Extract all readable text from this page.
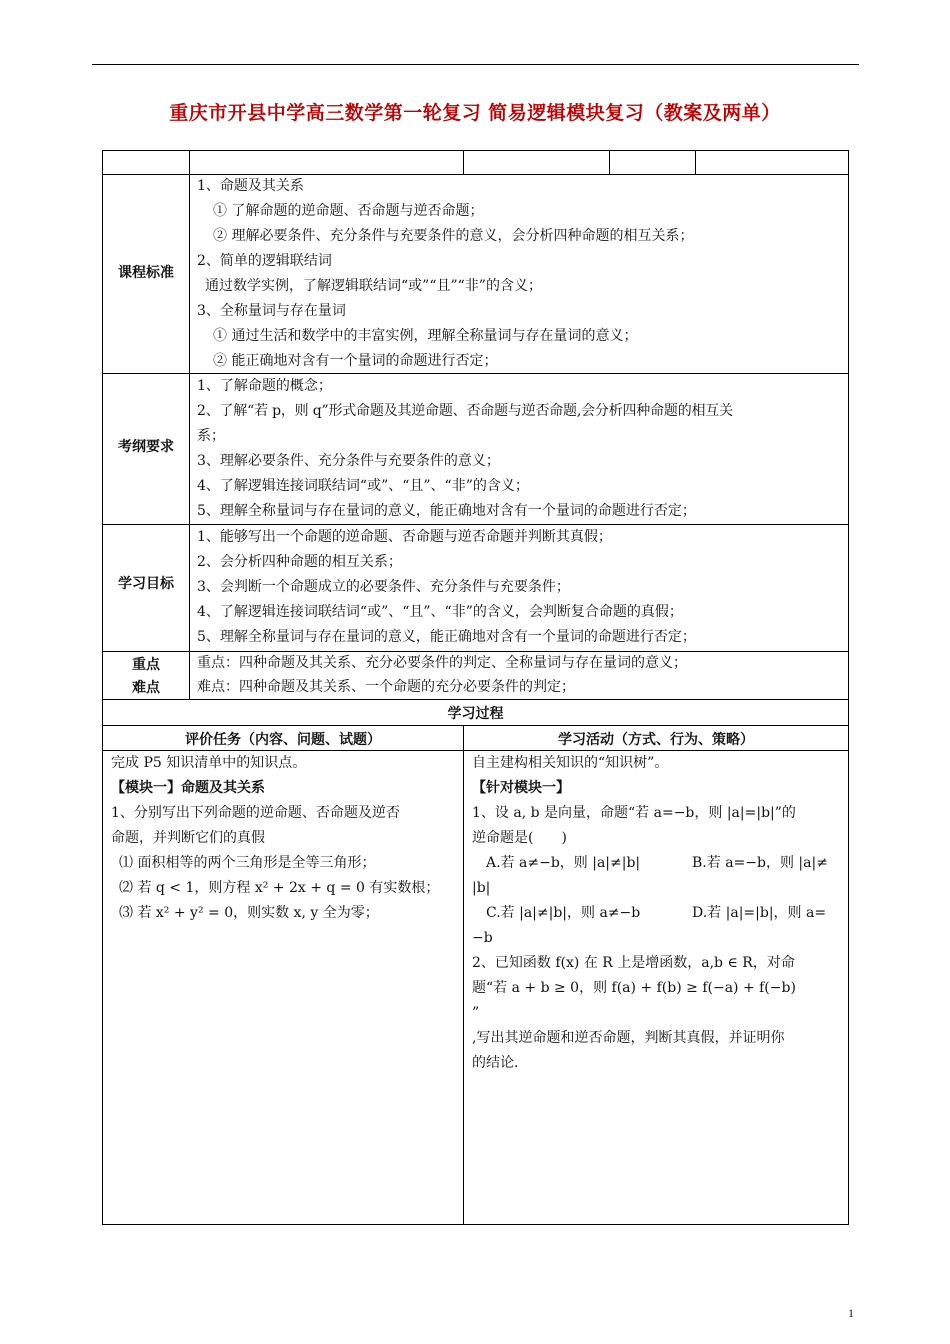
重庆市开县中学高三数学第一轮复习 简易逻辑模块复习（教案及两单）
课程标准
1、命题及其关系
① 了解命题的逆命题、否命题与逆否命题；
② 理解必要条件、充分条件与充要条件的意义，会分析四种命题的相互关系；
2、简单的逻辑联结词
通过数学实例，了解逻辑联结词“或”“且”“非”的含义；
3、全称量词与存在量词
① 通过生活和数学中的丰富实例，理解全称量词与存在量词的意义；
② 能正确地对含有一个量词的命题进行否定；
考纲要求
1、了解命题的概念；
2、了解“若 p，则 q”形式命题及其逆命题、否命题与逆否命题,会分析四种命题的相互关
系；
3、理解必要条件、充分条件与充要条件的意义；
4、了解逻辑连接词联结词“或”、“且”、“非”的含义；
5、理解全称量词与存在量词的意义，能正确地对含有一个量词的命题进行否定；
学习目标
1、能够写出一个命题的逆命题、否命题与逆否命题并判断其真假；
2、会分析四种命题的相互关系；
3、会判断一个命题成立的必要条件、充分条件与充要条件；
4、了解逻辑连接词联结词“或”、“且”、“非”的含义，会判断复合命题的真假；
5、理解全称量词与存在量词的意义，能正确地对含有一个量词的命题进行否定；
重点
难点
重点：四种命题及其关系、充分必要条件的判定、全称量词与存在量词的意义；
难点：四种命题及其关系、一个命题的充分必要条件的判定；
学习过程
评价任务（内容、问题、试题）	学习活动（方式、行为、策略）
完成 P5 知识清单中的知识点。
【模块一】命题及其关系
1、分别写出下列命题的逆命题、否命题及逆否
命题，并判断它们的真假
⑴ 面积相等的两个三角形是全等三角形；
⑵ 若 q < 1，则方程 x² + 2x + q = 0 有实数根；
⑶ 若 x² + y² = 0，则实数 x, y 全为零；
自主建构相关知识的“知识树”。
【针对模块一】
1、设 a, b 是向量，命题“若 a=−b，则 |a|=|b|”的
逆命题是(　　)
A.若 a≠−b，则 |a|≠|b|	B.若 a=−b，则 |a|≠
|b|
C.若 |a|≠|b|，则 a≠−b	D.若 |a|=|b|，则 a=
−b
2、已知函数 f(x) 在 R 上是增函数，a,b ∈ R，对命
题“若 a + b ≥ 0，则 f(a) + f(b) ≥ f(−a) + f(−b)
”
,写出其逆命题和逆否命题，判断其真假，并证明你
的结论.
1
